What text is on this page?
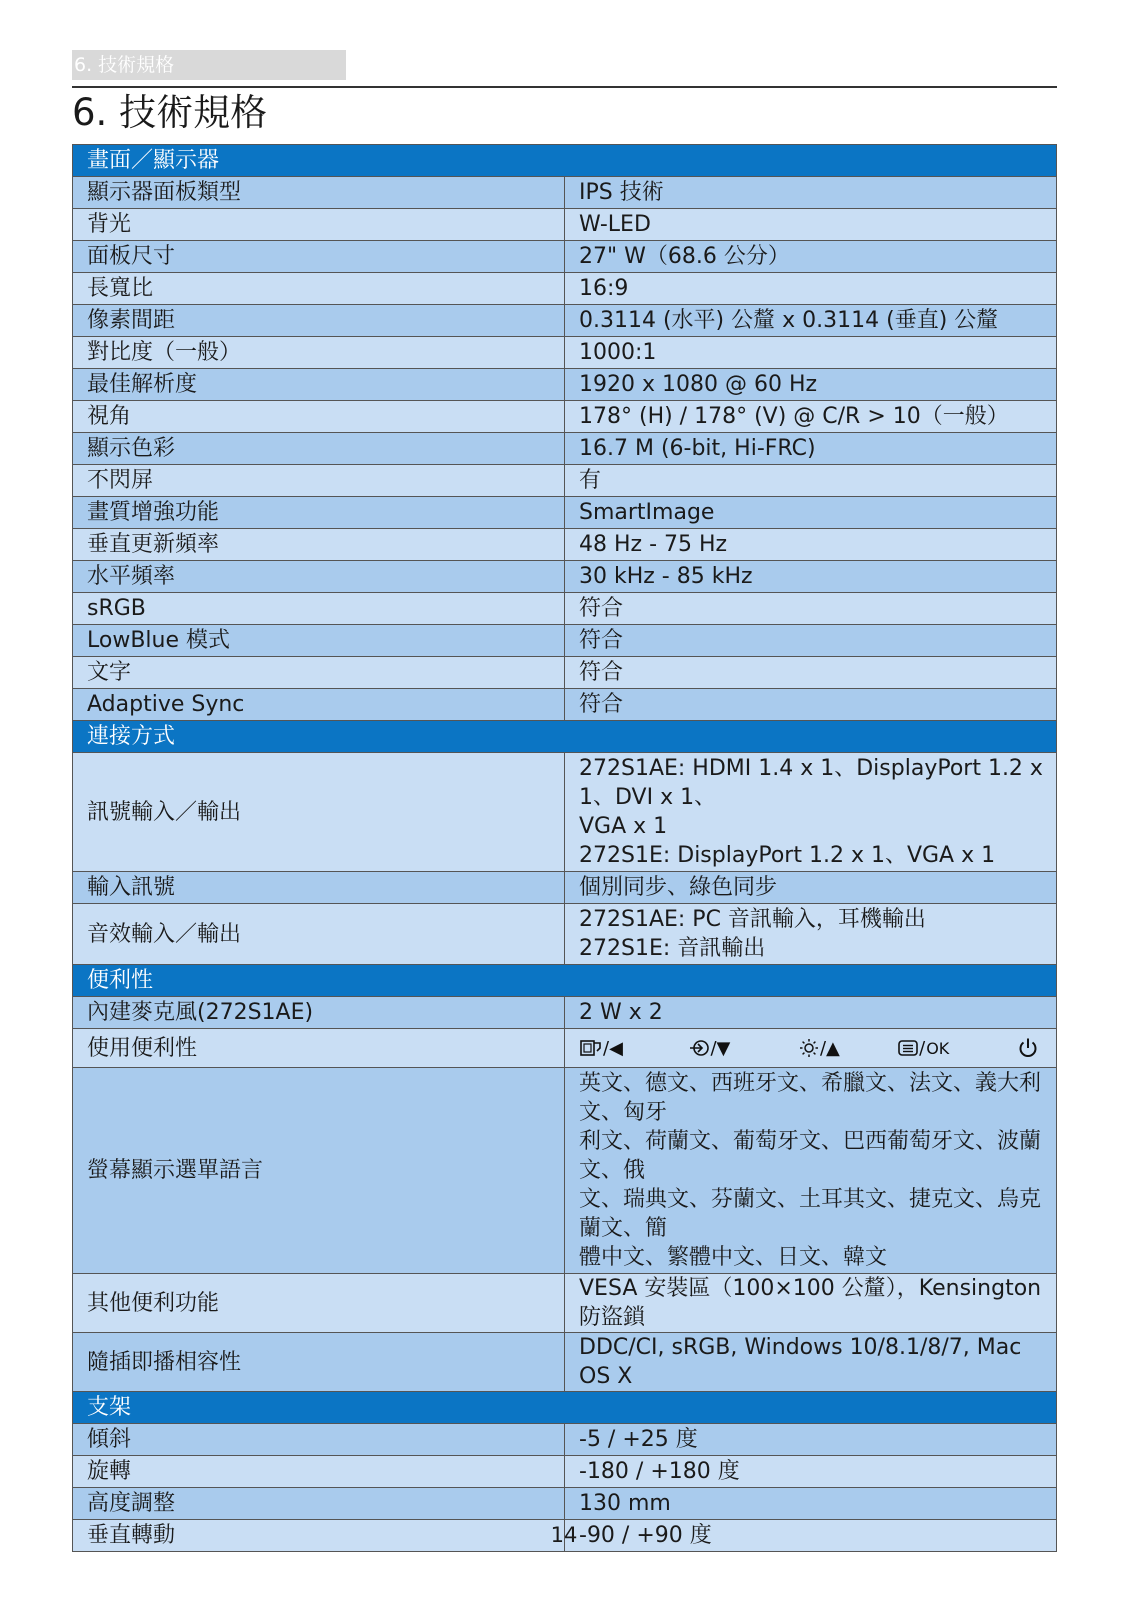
6. 技術規格
6. 技術規格
畫面／顯示器	
顯示器面板類型	IPS 技術
背光	W-LED
面板尺寸	27" W（68.6 公分）
長寬比	16:9
像素間距	0.3114 (水平) 公釐 x 0.3114 (垂直) 公釐
對比度（一般）	1000:1
最佳解析度	1920 x 1080 @ 60 Hz
視角	178° (H) / 178° (V) @ C/R > 10（一般）
顯示色彩	16.7 M (6-bit, Hi-FRC)
不閃屏	有
畫質增強功能	SmartImage
垂直更新頻率	48 Hz - 75 Hz
水平頻率	30 kHz - 85 kHz
sRGB	符合
LowBlue 模式	符合
文字	符合
Adaptive Sync	符合
連接方式	
訊號輸入／輸出	272S1AE: HDMI 1.4 x 1、DisplayPort 1.2 x 1、DVI x 1、
VGA x 1
272S1E: DisplayPort 1.2 x 1、VGA x 1

輸入訊號	個別同步、綠色同步
音效輸入／輸出	272S1AE: PC 音訊輸入，耳機輸出
272S1E: 音訊輸出

便利性	
內建麥克風(272S1AE)	2 W x 2
使用便利性	/◀ /▼ /▲ / OK

螢幕顯示選單語言	英文、德文、西班牙文、希臘文、法文、義大利文、匈牙
利文、荷蘭文、葡萄牙文、巴西葡萄牙文、波蘭文、俄
文、瑞典文、芬蘭文、土耳其文、捷克文、烏克蘭文、簡
體中文、繁體中文、日文、韓文

其他便利功能	VESA 安裝區（100×100 公釐），Kensington 防盜鎖
隨插即播相容性	DDC/CI, sRGB, Windows 10/8.1/8/7, Mac OS X
支架	
傾斜	-5 / +25 度
旋轉	-180 / +180 度
高度調整	130 mm
垂直轉動	-90 / +90 度
14
